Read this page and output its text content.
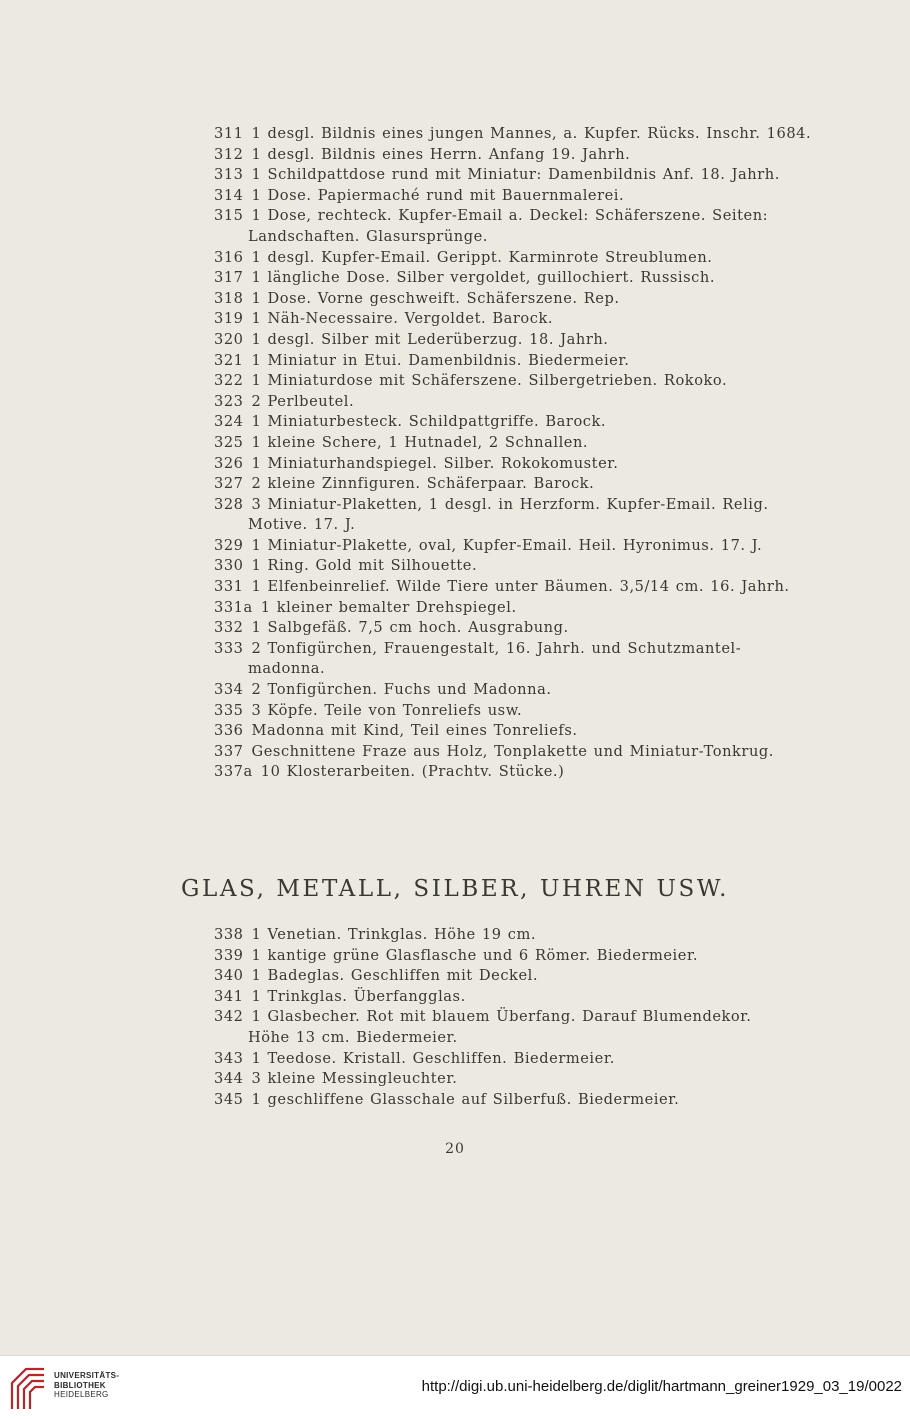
311 1 desgl. Bildnis eines jungen Mannes, a. Kupfer. Rücks. Inschr. 1684.
312 1 desgl. Bildnis eines Herrn. Anfang 19. Jahrh.
313 1 Schildpattdose rund mit Miniatur: Damenbildnis Anf. 18. Jahrh.
314 1 Dose. Papiermaché rund mit Bauernmalerei.
315 1 Dose, rechteck. Kupfer-Email a. Deckel: Schäferszene. Seiten:
Landschaften. Glasursprünge.
316 1 desgl. Kupfer-Email. Gerippt. Karminrote Streublumen.
317 1 längliche Dose. Silber vergoldet, guillochiert. Russisch.
318 1 Dose. Vorne geschweift. Schäferszene. Rep.
319 1 Näh-Necessaire. Vergoldet. Barock.
320 1 desgl. Silber mit Lederüberzug. 18. Jahrh.
321 1 Miniatur in Etui. Damenbildnis. Biedermeier.
322 1 Miniaturdose mit Schäferszene. Silbergetrieben. Rokoko.
323 2 Perlbeutel.
324 1 Miniaturbesteck. Schildpattgriffe. Barock.
325 1 kleine Schere, 1 Hutnadel, 2 Schnallen.
326 1 Miniaturhandspiegel. Silber. Rokokomuster.
327 2 kleine Zinnfiguren. Schäferpaar. Barock.
328 3 Miniatur-Plaketten, 1 desgl. in Herzform. Kupfer-Email. Relig.
Motive. 17. J.
329 1 Miniatur-Plakette, oval, Kupfer-Email. Heil. Hyronimus. 17. J.
330 1 Ring. Gold mit Silhouette.
331 1 Elfenbeinrelief. Wilde Tiere unter Bäumen. 3,5/14 cm. 16. Jahrh.
331a 1 kleiner bemalter Drehspiegel.
332 1 Salbgefäß. 7,5 cm hoch. Ausgrabung.
333 2 Tonfigürchen, Frauengestalt, 16. Jahrh. und Schutzmantel-
madonna.
334 2 Tonfigürchen. Fuchs und Madonna.
335 3 Köpfe. Teile von Tonreliefs usw.
336 Madonna mit Kind, Teil eines Tonreliefs.
337 Geschnittene Fraze aus Holz, Tonplakette und Miniatur-Tonkrug.
337a 10 Klosterarbeiten. (Prachtv. Stücke.)
GLAS, METALL, SILBER, UHREN USW.
338 1 Venetian. Trinkglas. Höhe 19 cm.
339 1 kantige grüne Glasflasche und 6 Römer. Biedermeier.
340 1 Badeglas. Geschliffen mit Deckel.
341 1 Trinkglas. Überfangglas.
342 1 Glasbecher. Rot mit blauem Überfang. Darauf Blumendekor.
Höhe 13 cm. Biedermeier.
343 1 Teedose. Kristall. Geschliffen. Biedermeier.
344 3 kleine Messingleuchter.
345 1 geschliffene Glasschale auf Silberfuß. Biedermeier.
20
UNIVERSITÄTS-
BIBLIOTHEK
HEIDELBERG	http://digi.ub.uni-heidelberg.de/diglit/hartmann_greiner1929_03_19/0022
